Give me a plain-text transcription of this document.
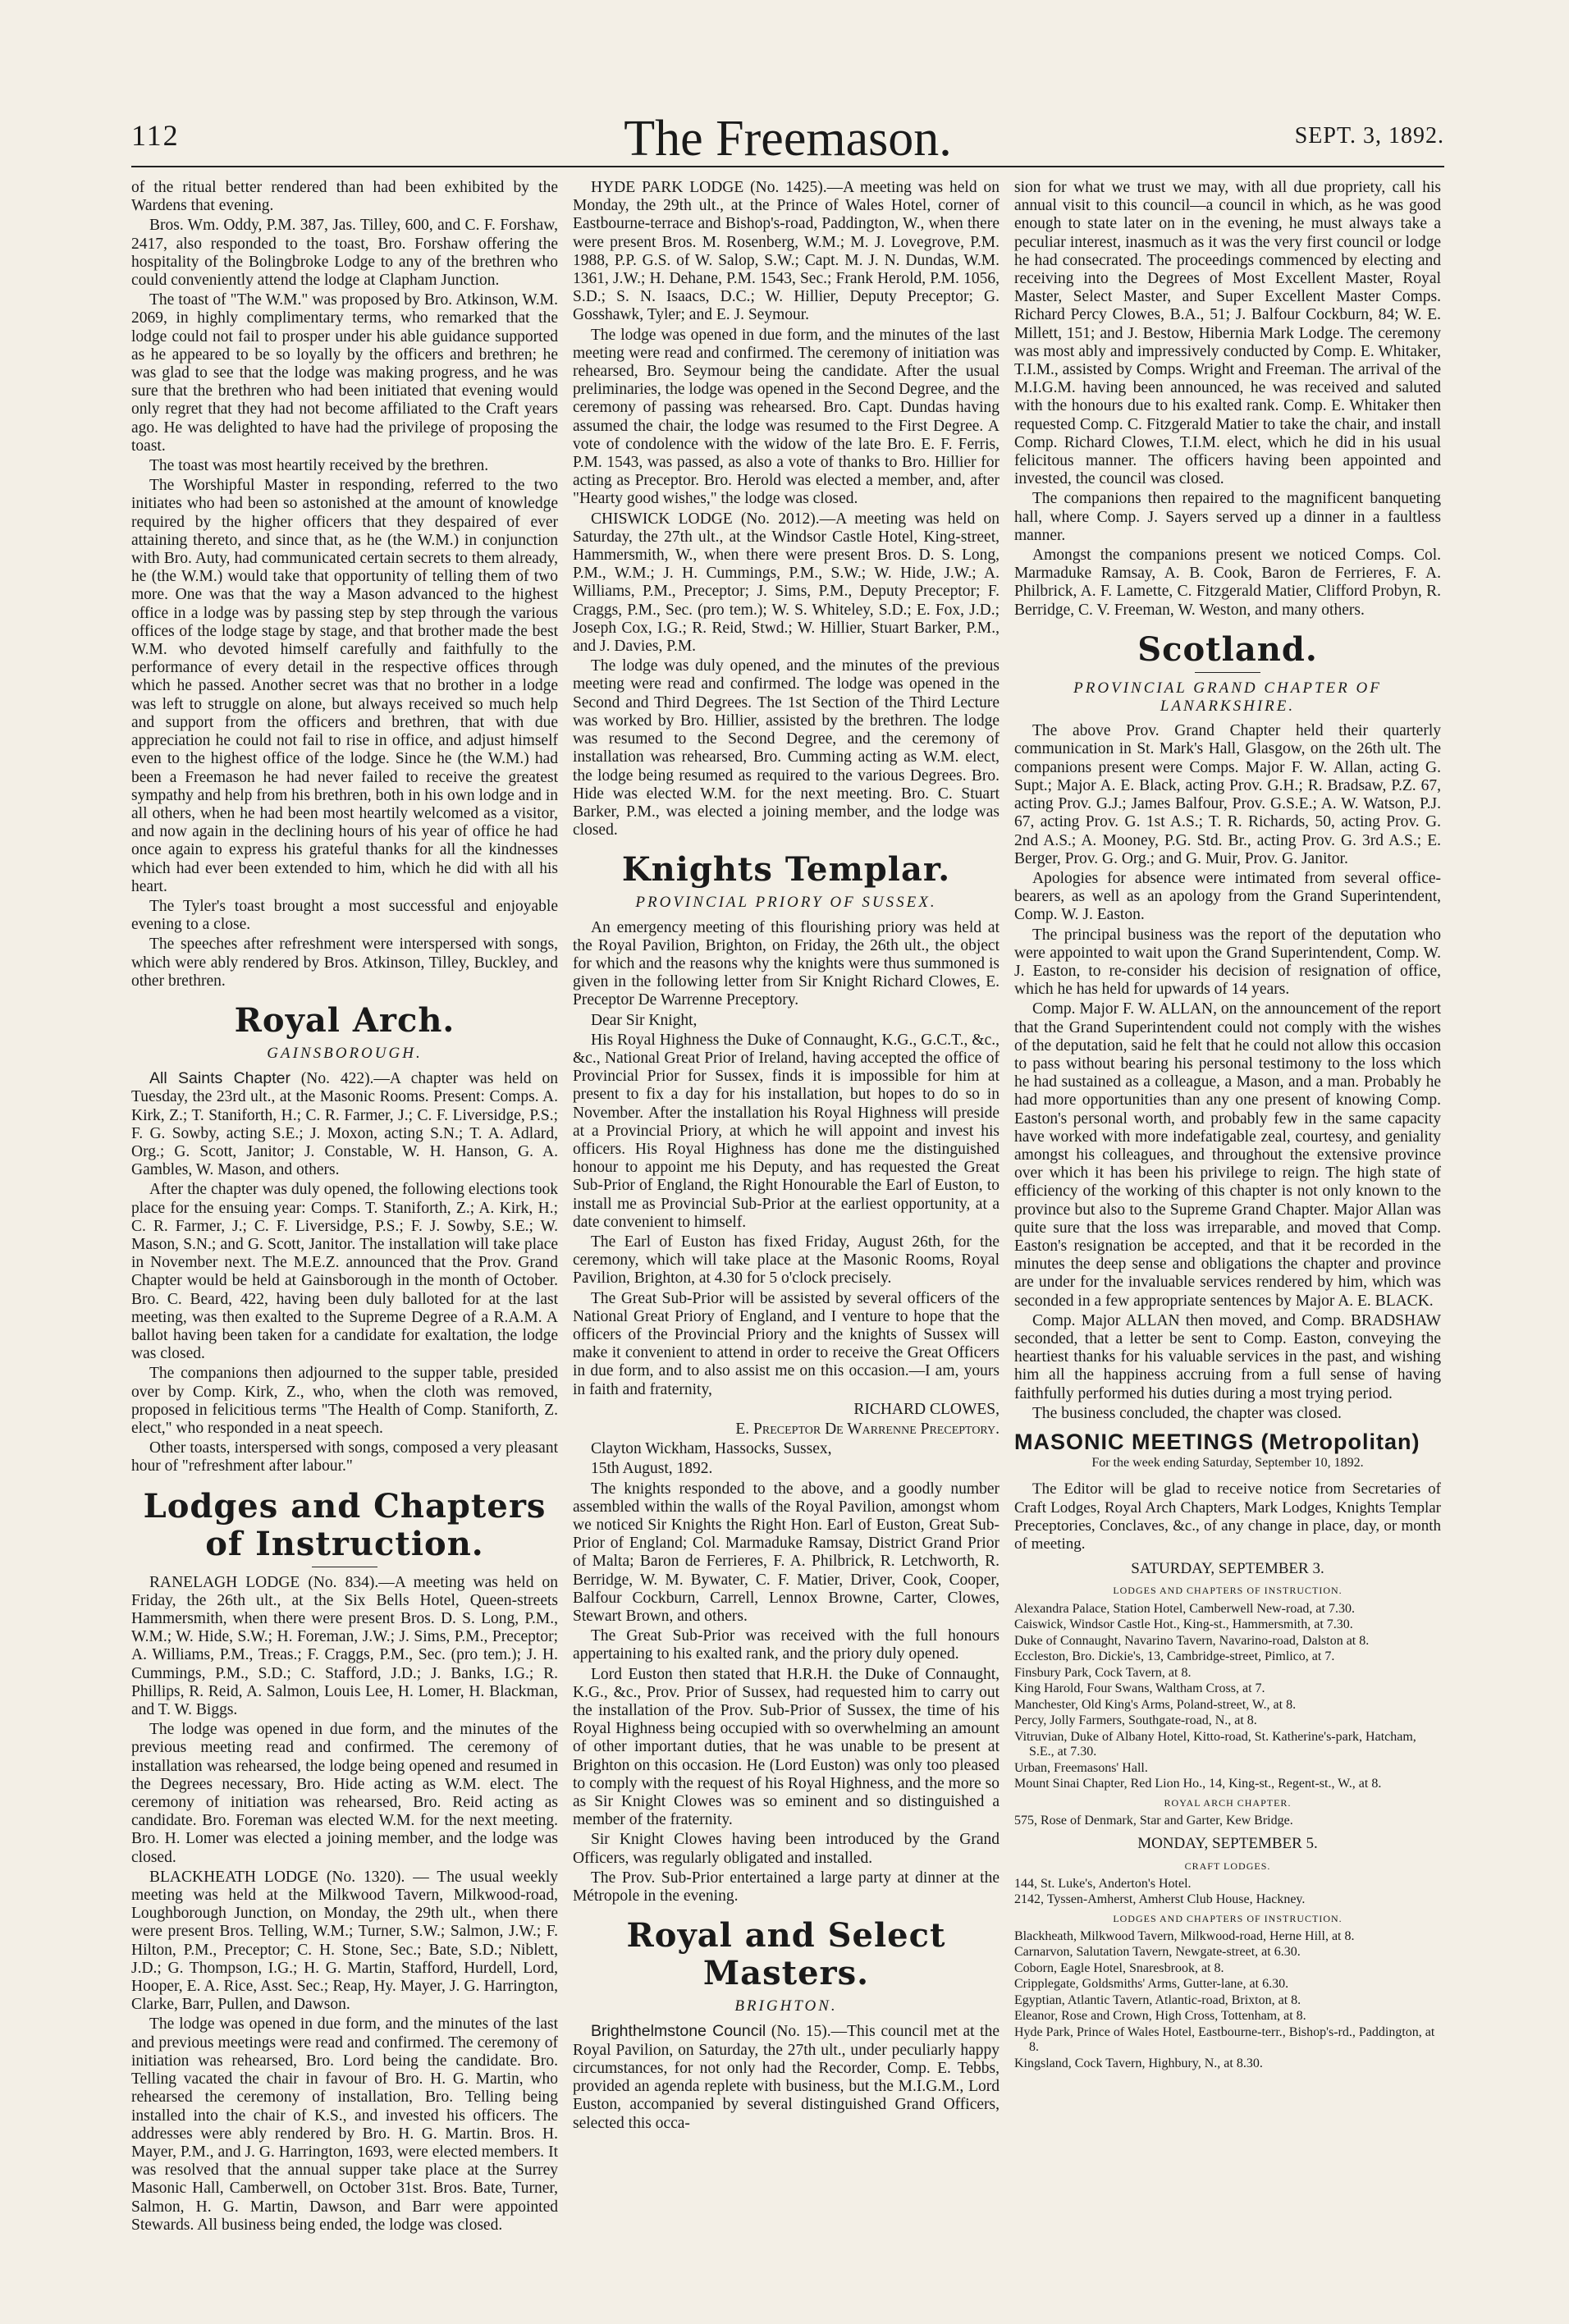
112	The Freemason.	SEPT. 3, 1892.

of the ritual better rendered than had been exhibited by the Wardens that evening.

Bros. Wm. Oddy, P.M. 387, Jas. Tilley, 600, and C. F. Forshaw, 2417, also responded to the toast, Bro. Forshaw offering the hospitality of the Bolingbroke Lodge to any of the brethren who could conveniently attend the lodge at Clapham Junction.

The toast of "The W.M." was proposed by Bro. Atkinson, W.M. 2069, in highly complimentary terms, who remarked that the lodge could not fail to prosper under his able guidance supported as he appeared to be so loyally by the officers and brethren; he was glad to see that the lodge was making progress, and he was sure that the brethren who had been initiated that evening would only regret that they had not become affiliated to the Craft years ago. He was delighted to have had the privilege of proposing the toast.

The toast was most heartily received by the brethren.

The Worshipful Master in responding, referred to the two initiates who had been so astonished at the amount of knowledge required by the higher officers that they despaired of ever attaining thereto, and since that, as he (the W.M.) in conjunction with Bro. Auty, had communicated certain secrets to them already, he (the W.M.) would take that opportunity of telling them of two more. One was that the way a Mason advanced to the highest office in a lodge was by passing step by step through the various offices of the lodge stage by stage, and that brother made the best W.M. who devoted himself carefully and faithfully to the performance of every detail in the respective offices through which he passed. Another secret was that no brother in a lodge was left to struggle on alone, but always received so much help and support from the officers and brethren, that with due appreciation he could not fail to rise in office, and adjust himself even to the highest office of the lodge. Since he (the W.M.) had been a Freemason he had never failed to receive the greatest sympathy and help from his brethren, both in his own lodge and in all others, when he had been most heartily welcomed as a visitor, and now again in the declining hours of his year of office he had once again to express his grateful thanks for all the kindnesses which had ever been extended to him, which he did with all his heart.

The Tyler's toast brought a most successful and enjoyable evening to a close.

The speeches after refreshment were interspersed with songs, which were ably rendered by Bros. Atkinson, Tilley, Buckley, and other brethren.

Royal Arch.
GAINSBOROUGH.

All Saints Chapter (No. 422).—A chapter was held on Tuesday, the 23rd ult., at the Masonic Rooms. Present: Comps. A. Kirk, Z.; T. Staniforth, H.; C. R. Farmer, J.; C. F. Liversidge, P.S.; F. G. Sowby, acting S.E.; J. Moxon, acting S.N.; T. A. Adlard, Org.; G. Scott, Janitor; J. Constable, W. H. Hanson, G. A. Gambles, W. Mason, and others.

After the chapter was duly opened, the following elections took place for the ensuing year: Comps. T. Staniforth, Z.; A. Kirk, H.; C. R. Farmer, J.; C. F. Liversidge, P.S.; F. J. Sowby, S.E.; W. Mason, S.N.; and G. Scott, Janitor. The installation will take place in November next. The M.E.Z. announced that the Prov. Grand Chapter would be held at Gainsborough in the month of October. Bro. C. Beard, 422, having been duly balloted for at the last meeting, was then exalted to the Supreme Degree of a R.A.M. A ballot having been taken for a candidate for exaltation, the lodge was closed.

The companions then adjourned to the supper table, presided over by Comp. Kirk, Z., who, when the cloth was removed, proposed in felicitious terms "The Health of Comp. Staniforth, Z. elect," who responded in a neat speech.

Other toasts, interspersed with songs, composed a very pleasant hour of "refreshment after labour."

Lodges and Chapters of Instruction.

RANELAGH LODGE (No. 834).—A meeting was held on Friday, the 26th ult., at the Six Bells Hotel, Queen-streets Hammersmith, when there were present Bros. D. S. Long, P.M., W.M.; W. Hide, S.W.; H. Foreman, J.W.; J. Sims, P.M., Preceptor; A. Williams, P.M., Treas.; F. Craggs, P.M., Sec. (pro tem.); J. H. Cummings, P.M., S.D.; C. Stafford, J.D.; J. Banks, I.G.; R. Phillips, R. Reid, A. Salmon, Louis Lee, H. Lomer, H. Blackman, and T. W. Biggs.

The lodge was opened in due form, and the minutes of the previous meeting read and confirmed. The ceremony of installation was rehearsed, the lodge being opened and resumed in the Degrees necessary, Bro. Hide acting as W.M. elect. The ceremony of initiation was rehearsed, Bro. Reid acting as candidate. Bro. Foreman was elected W.M. for the next meeting. Bro. H. Lomer was elected a joining member, and the lodge was closed.

BLACKHEATH LODGE (No. 1320). — The usual weekly meeting was held at the Milkwood Tavern, Milkwood-road, Loughborough Junction, on Monday, the 29th ult., when there were present Bros. Telling, W.M.; Turner, S.W.; Salmon, J.W.; F. Hilton, P.M., Preceptor; C. H. Stone, Sec.; Bate, S.D.; Niblett, J.D.; G. Thompson, I.G.; H. G. Martin, Stafford, Hurdell, Lord, Hooper, E. A. Rice, Asst. Sec.; Reap, Hy. Mayer, J. G. Harrington, Clarke, Barr, Pullen, and Dawson.

The lodge was opened in due form, and the minutes of the last and previous meetings were read and confirmed. The ceremony of initiation was rehearsed, Bro. Lord being the candidate. Bro. Telling vacated the chair in favour of Bro. H. G. Martin, who rehearsed the ceremony of installation, Bro. Telling being installed into the chair of K.S., and invested his officers. The addresses were ably rendered by Bro. H. G. Martin. Bros. H. Mayer, P.M., and J. G. Harrington, 1693, were elected members. It was resolved that the annual supper take place at the Surrey Masonic Hall, Camberwell, on October 31st. Bros. Bate, Turner, Salmon, H. G. Martin, Dawson, and Barr were appointed Stewards. All business being ended, the lodge was closed.

HYDE PARK LODGE (No. 1425).—A meeting was held on Monday, the 29th ult., at the Prince of Wales Hotel, corner of Eastbourne-terrace and Bishop's-road, Paddington, W., when there were present Bros. M. Rosenberg, W.M.; M. J. Lovegrove, P.M. 1988, P.P. G.S. of W. Salop, S.W.; Capt. M. J. N. Dundas, W.M. 1361, J.W.; H. Dehane, P.M. 1543, Sec.; Frank Herold, P.M. 1056, S.D.; S. N. Isaacs, D.C.; W. Hillier, Deputy Preceptor; G. Gosshawk, Tyler; and E. J. Seymour.

The lodge was opened in due form, and the minutes of the last meeting were read and confirmed. The ceremony of initiation was rehearsed, Bro. Seymour being the candidate. After the usual preliminaries, the lodge was opened in the Second Degree, and the ceremony of passing was rehearsed. Bro. Capt. Dundas having assumed the chair, the lodge was resumed to the First Degree. A vote of condolence with the widow of the late Bro. E. F. Ferris, P.M. 1543, was passed, as also a vote of thanks to Bro. Hillier for acting as Preceptor. Bro. Herold was elected a member, and, after "Hearty good wishes," the lodge was closed.

CHISWICK LODGE (No. 2012).—A meeting was held on Saturday, the 27th ult., at the Windsor Castle Hotel, King-street, Hammersmith, W., when there were present Bros. D. S. Long, P.M., W.M.; J. H. Cummings, P.M., S.W.; W. Hide, J.W.; A. Williams, P.M., Preceptor; J. Sims, P.M., Deputy Preceptor; F. Craggs, P.M., Sec. (pro tem.); W. S. Whiteley, S.D.; E. Fox, J.D.; Joseph Cox, I.G.; R. Reid, Stwd.; W. Hillier, Stuart Barker, P.M., and J. Davies, P.M.

The lodge was duly opened, and the minutes of the previous meeting were read and confirmed. The lodge was opened in the Second and Third Degrees. The 1st Section of the Third Lecture was worked by Bro. Hillier, assisted by the brethren. The lodge was resumed to the Second Degree, and the ceremony of installation was rehearsed, Bro. Cumming acting as W.M. elect, the lodge being resumed as required to the various Degrees. Bro. Hide was elected W.M. for the next meeting. Bro. C. Stuart Barker, P.M., was elected a joining member, and the lodge was closed.

Knights Templar.
PROVINCIAL PRIORY OF SUSSEX.

An emergency meeting of this flourishing priory was held at the Royal Pavilion, Brighton, on Friday, the 26th ult., the object for which and the reasons why the knights were thus summoned is given in the following letter from Sir Knight Richard Clowes, E. Preceptor De Warrenne Preceptory.

Dear Sir Knight,

His Royal Highness the Duke of Connaught, K.G., G.C.T., &c., &c., National Great Prior of Ireland, having accepted the office of Provincial Prior for Sussex, finds it is impossible for him at present to fix a day for his installation, but hopes to do so in November. After the installation his Royal Highness will preside at a Provincial Priory, at which he will appoint and invest his officers. His Royal Highness has done me the distinguished honour to appoint me his Deputy, and has requested the Great Sub-Prior of England, the Right Honourable the Earl of Euston, to install me as Provincial Sub-Prior at the earliest opportunity, at a date convenient to himself.

The Earl of Euston has fixed Friday, August 26th, for the ceremony, which will take place at the Masonic Rooms, Royal Pavilion, Brighton, at 4.30 for 5 o'clock precisely.

The Great Sub-Prior will be assisted by several officers of the National Great Priory of England, and I venture to hope that the officers of the Provincial Priory and the knights of Sussex will make it convenient to attend in order to receive the Great Officers in due form, and to also assist me on this occasion.—I am, yours in faith and fraternity,

RICHARD CLOWES,
E. Preceptor De Warrenne Preceptory.

Clayton Wickham, Hassocks, Sussex,

15th August, 1892.

The knights responded to the above, and a goodly number assembled within the walls of the Royal Pavilion, amongst whom we noticed Sir Knights the Right Hon. Earl of Euston, Great Sub-Prior of England; Col. Marmaduke Ramsay, District Grand Prior of Malta; Baron de Ferrieres, F. A. Philbrick, R. Letchworth, R. Berridge, W. M. Bywater, C. F. Matier, Driver, Cook, Cooper, Balfour Cockburn, Carrell, Lennox Browne, Carter, Clowes, Stewart Brown, and others.

The Great Sub-Prior was received with the full honours appertaining to his exalted rank, and the priory duly opened.

Lord Euston then stated that H.R.H. the Duke of Connaught, K.G., &c., Prov. Prior of Sussex, had requested him to carry out the installation of the Prov. Sub-Prior of Sussex, the time of his Royal Highness being occupied with so overwhelming an amount of other important duties, that he was unable to be present at Brighton on this occasion. He (Lord Euston) was only too pleased to comply with the request of his Royal Highness, and the more so as Sir Knight Clowes was so eminent and so distinguished a member of the fraternity.

Sir Knight Clowes having been introduced by the Grand Officers, was regularly obligated and installed.

The Prov. Sub-Prior entertained a large party at dinner at the Métropole in the evening.

Royal and Select Masters.
BRIGHTON.

Brighthelmstone Council (No. 15).—This council met at the Royal Pavilion, on Saturday, the 27th ult., under peculiarly happy circumstances, for not only had the Recorder, Comp. E. Tebbs, provided an agenda replete with business, but the M.I.G.M., Lord Euston, accompanied by several distinguished Grand Officers, selected this occa-

sion for what we trust we may, with all due propriety, call his annual visit to this council—a council in which, as he was good enough to state later on in the evening, he must always take a peculiar interest, inasmuch as it was the very first council or lodge he had consecrated. The proceedings commenced by electing and receiving into the Degrees of Most Excellent Master, Royal Master, Select Master, and Super Excellent Master Comps. Richard Percy Clowes, B.A., 51; J. Balfour Cockburn, 84; W. E. Millett, 151; and J. Bestow, Hibernia Mark Lodge. The ceremony was most ably and impressively conducted by Comp. E. Whitaker, T.I.M., assisted by Comps. Wright and Freeman. The arrival of the M.I.G.M. having been announced, he was received and saluted with the honours due to his exalted rank. Comp. E. Whitaker then requested Comp. C. Fitzgerald Matier to take the chair, and install Comp. Richard Clowes, T.I.M. elect, which he did in his usual felicitous manner. The officers having been appointed and invested, the council was closed.

The companions then repaired to the magnificent banqueting hall, where Comp. J. Sayers served up a dinner in a faultless manner.

Amongst the companions present we noticed Comps. Col. Marmaduke Ramsay, A. B. Cook, Baron de Ferrieres, F. A. Philbrick, A. F. Lamette, C. Fitzgerald Matier, Clifford Probyn, R. Berridge, C. V. Freeman, W. Weston, and many others.

Scotland.
PROVINCIAL GRAND CHAPTER OF LANARKSHIRE.

The above Prov. Grand Chapter held their quarterly communication in St. Mark's Hall, Glasgow, on the 26th ult. The companions present were Comps. Major F. W. Allan, acting G. Supt.; Major A. E. Black, acting Prov. G.H.; R. Bradsaw, P.Z. 67, acting Prov. G.J.; James Balfour, Prov. G.S.E.; A. W. Watson, P.J. 67, acting Prov. G. 1st A.S.; T. R. Richards, 50, acting Prov. G. 2nd A.S.; A. Mooney, P.G. Std. Br., acting Prov. G. 3rd A.S.; E. Berger, Prov. G. Org.; and G. Muir, Prov. G. Janitor.

Apologies for absence were intimated from several office-bearers, as well as an apology from the Grand Superintendent, Comp. W. J. Easton.

The principal business was the report of the deputation who were appointed to wait upon the Grand Superintendent, Comp. W. J. Easton, to re-consider his decision of resignation of office, which he has held for upwards of 14 years.

Comp. Major F. W. ALLAN, on the announcement of the report that the Grand Superintendent could not comply with the wishes of the deputation, said he felt that he could not allow this occasion to pass without bearing his personal testimony to the loss which he had sustained as a colleague, a Mason, and a man. Probably he had more opportunities than any one present of knowing Comp. Easton's personal worth, and probably few in the same capacity have worked with more indefatigable zeal, courtesy, and geniality amongst his colleagues, and throughout the extensive province over which it has been his privilege to reign. The high state of efficiency of the working of this chapter is not only known to the province but also to the Supreme Grand Chapter. Major Allan was quite sure that the loss was irreparable, and moved that Comp. Easton's resignation be accepted, and that it be recorded in the minutes the deep sense and obligations the chapter and province are under for the invaluable services rendered by him, which was seconded in a few appropriate sentences by Major A. E. BLACK.

Comp. Major ALLAN then moved, and Comp. BRADSHAW seconded, that a letter be sent to Comp. Easton, conveying the heartiest thanks for his valuable services in the past, and wishing him all the happiness accruing from a full sense of having faithfully performed his duties during a most trying period.

The business concluded, the chapter was closed.

MASONIC MEETINGS (Metropolitan)
For the week ending Saturday, September 10, 1892.

The Editor will be glad to receive notice from Secretaries of Craft Lodges, Royal Arch Chapters, Mark Lodges, Knights Templar Preceptories, Conclaves, &c., of any change in place, day, or month of meeting.

SATURDAY, SEPTEMBER 3.
LODGES AND CHAPTERS OF INSTRUCTION.
Alexandra Palace, Station Hotel, Camberwell New-road, at 7.30.
Caiswick, Windsor Castle Hot., King-st., Hammersmith, at 7.30.
Duke of Connaught, Navarino Tavern, Navarino-road, Dalston at 8.
Eccleston, Bro. Dickie's, 13, Cambridge-street, Pimlico, at 7.
Finsbury Park, Cock Tavern, at 8.
King Harold, Four Swans, Waltham Cross, at 7.
Manchester, Old King's Arms, Poland-street, W., at 8.
Percy, Jolly Farmers, Southgate-road, N., at 8.
Vitruvian, Duke of Albany Hotel, Kitto-road, St. Katherine's-park, Hatcham, S.E., at 7.30.
Urban, Freemasons' Hall.
Mount Sinai Chapter, Red Lion Ho., 14, King-st., Regent-st., W., at 8.
ROYAL ARCH CHAPTER.
575, Rose of Denmark, Star and Garter, Kew Bridge.
MONDAY, SEPTEMBER 5.
CRAFT LODGES.
144, St. Luke's, Anderton's Hotel.
2142, Tyssen-Amherst, Amherst Club House, Hackney.
LODGES AND CHAPTERS OF INSTRUCTION.
Blackheath, Milkwood Tavern, Milkwood-road, Herne Hill, at 8.
Carnarvon, Salutation Tavern, Newgate-street, at 6.30.
Coborn, Eagle Hotel, Snaresbrook, at 8.
Cripplegate, Goldsmiths' Arms, Gutter-lane, at 6.30.
Egyptian, Atlantic Tavern, Atlantic-road, Brixton, at 8.
Eleanor, Rose and Crown, High Cross, Tottenham, at 8.
Hyde Park, Prince of Wales Hotel, Eastbourne-terr., Bishop's-rd., Paddington, at 8.
Kingsland, Cock Tavern, Highbury, N., at 8.30.
